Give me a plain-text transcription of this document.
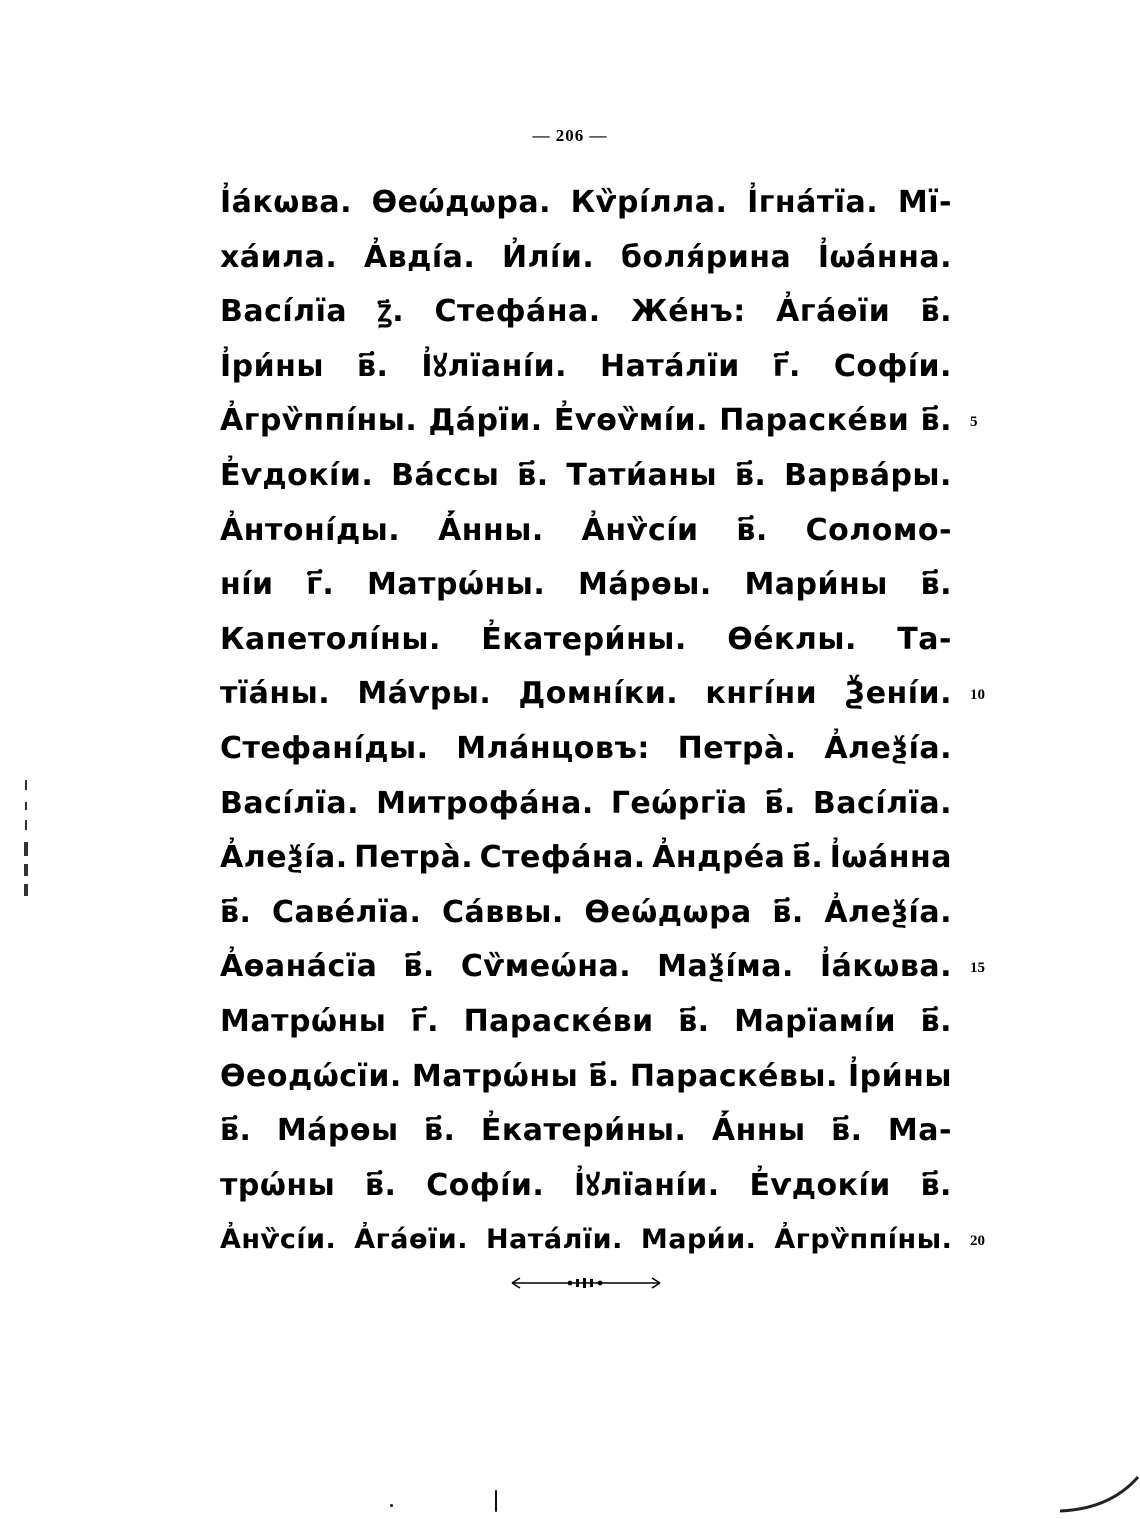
— 206 —
І҆а́кѡва. Ѳеѡ́дѡра. Кѷрі́лла. І҆гна́тїа. Мї-
ха́ила. А҆вді́а. И҆лі́и. боля́рина І҆ѡа́нна.
Васі́лїа ꙁ҃. Стефа́на. Же́нъ: А҆га́ѳїи в҃.
І҆ри́ны в҃. І҆ꙋлїані́и. Ната́лїи г҃. Софі́и.
А҆грѷппі́ны. Да́рїи. Е҆ѵѳѷмі́и. Параске́ви в҃.
Е҆ѵдокі́и. Ва́ссы в҃. Тати́аны в҃. Варва́ры.
А҆нтоні́ды. А҆́нны. А҆нѷсі́и в҃. Соломо-
ні́и г҃. Матрѡ́ны. Ма́рѳы. Мари́ны в҃.
Капетолі́ны. Е҆катери́ны. Ѳе́клы. Та-
тїа́ны. Ма́ѵры. Домні́ки. кнгі́ни Ѯені́и.
Стефані́ды. Млáнцовъ: Петра̀. А҆леѯі́а.
Васі́лїа. Митрофа́на. Геѡ́ргїа в҃. Васі́лїа.
А҆леѯі́а. Петра̀. Стефа́на. А҆ндре́а в҃. І҆ѡа́нна
в҃. Саве́лїа. Са́ввы. Ѳеѡ́дѡра в҃. А҆леѯі́а.
А҆ѳана́сїа в҃. Сѷмеѡ́на. Маѯі́ма. І҆а́кѡва.
Матрѡ́ны г҃. Параске́ви в҃. Марїамі́и в҃.
Ѳеодѡ́сїи. Матрѡ́ны в҃. Параске́вы. І҆ри́ны
в҃. Ма́рѳы в҃. Е҆катери́ны. А҆́нны в҃. Ма-
трѡ́ны в҃. Софі́и. І҆ꙋлїані́и. Е҆ѵдокі́и в҃.
А҆нѷсі́и. А҆га́ѳїи. Ната́лїи. Мари́и. А҆грѷппі́ны.
5
10
15
20
